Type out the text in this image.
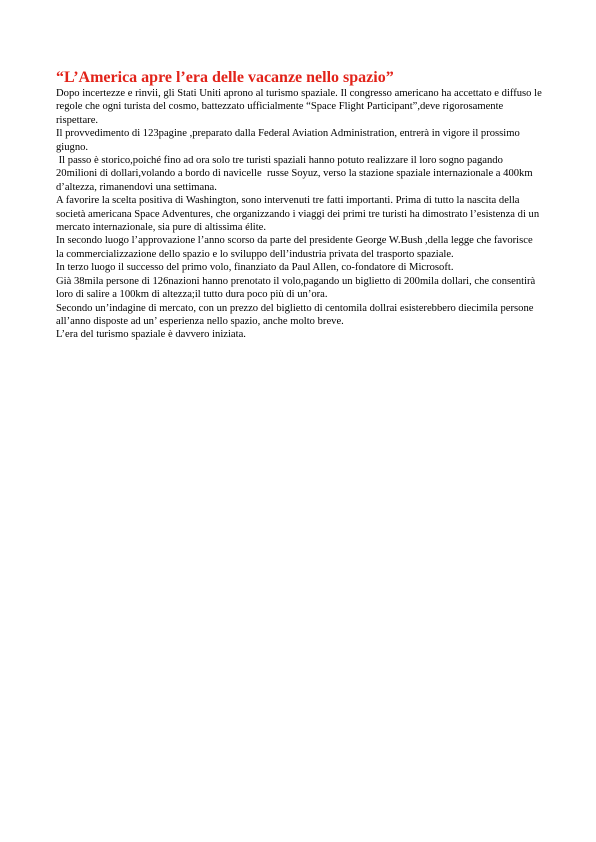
“L’America apre l’era delle vacanze nello spazio”

Dopo incertezze e rinvii, gli Stati Uniti aprono al turismo spaziale. Il congresso americano ha accettato e diffuso le regole che ogni turista del cosmo, battezzato ufficialmente “Space Flight Participant”,deve rigorosamente rispettare.

Il provvedimento di 123pagine ,preparato dalla Federal Aviation Administration, entrerà in vigore il prossimo giugno.

Il passo è storico,poiché fino ad ora solo tre turisti spaziali hanno potuto realizzare il loro sogno pagando 20milioni di dollari,volando a bordo di navicelle  russe Soyuz, verso la stazione spaziale internazionale a 400km d’altezza, rimanendovi una settimana.

A favorire la scelta positiva di Washington, sono intervenuti tre fatti importanti. Prima di tutto la nascita della società americana Space Adventures, che organizzando i viaggi dei primi tre turisti ha dimostrato l’esistenza di un mercato internazionale, sia pure di altissima élite.

In secondo luogo l’approvazione l’anno scorso da parte del presidente George W.Bush ,della legge che favorisce la commercializzazione dello spazio e lo sviluppo dell’industria privata del trasporto spaziale.

In terzo luogo il successo del primo volo, finanziato da Paul Allen, co-fondatore di Microsoft.

Già 38mila persone di 126nazioni hanno prenotato il volo,pagando un biglietto di 200mila dollari, che consentirà loro di salire a 100km di altezza;il tutto dura poco più di un’ora.

Secondo un’indagine di mercato, con un prezzo del biglietto di centomila dollrai esisterebbero diecimila persone all’anno disposte ad un’ esperienza nello spazio, anche molto breve.

L’era del turismo spaziale è davvero iniziata.
